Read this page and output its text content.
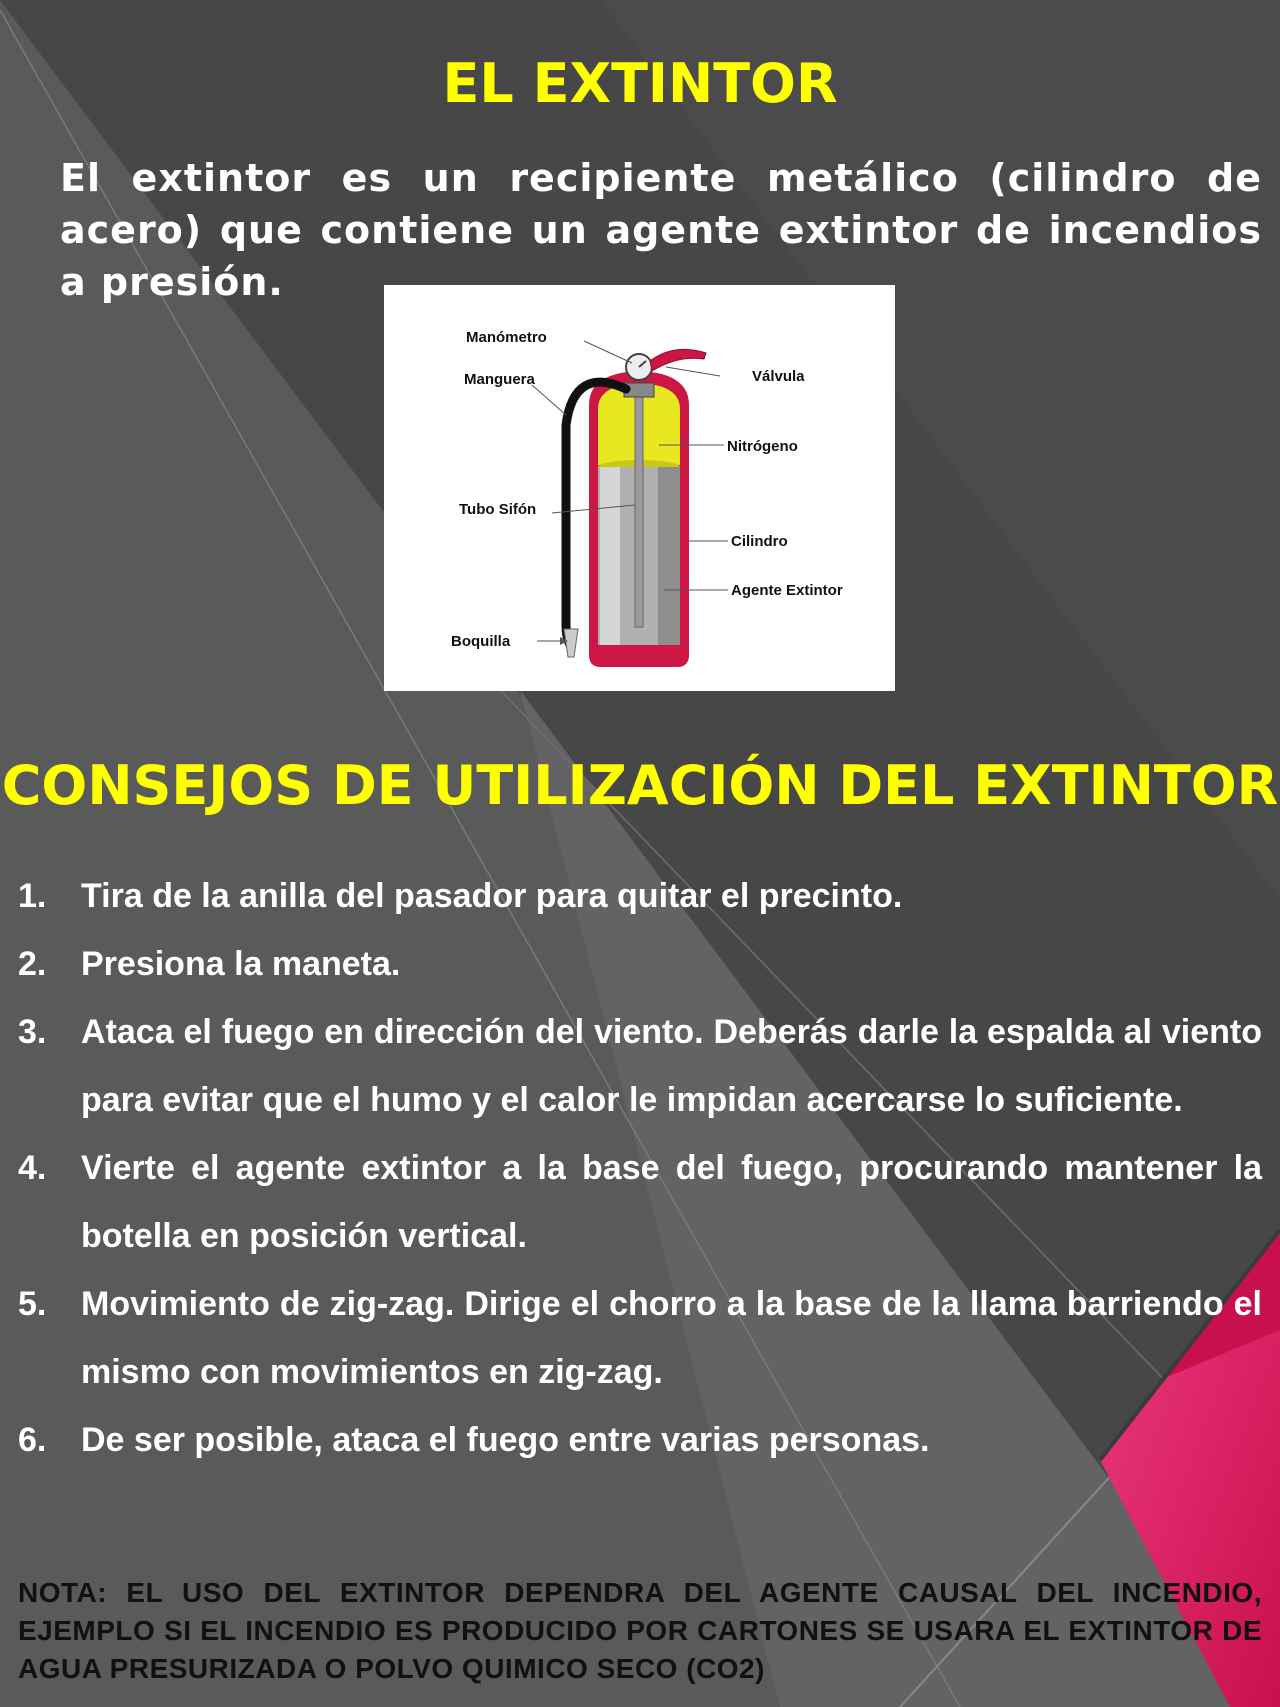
EL EXTINTOR

El extintor es un recipiente metálico (cilindro de acero) que contiene un agente extintor de incendios a presión.

Manómetro
Manguera	Válvula
Nitrógeno
Tubo Sifón
Cilindro
Agente Extintor
Boquilla
CONSEJOS DE UTILIZACIÓN DEL EXTINTOR
1.	Tira de la anilla del pasador para quitar el precinto.
2.	Presiona la maneta.
3.	Ataca el fuego en dirección del viento. Deberás darle la espalda al viento para evitar que el humo y el calor le impidan acercarse lo suficiente.
4.	Vierte el agente extintor a la base del fuego, procurando mantener la botella en posición vertical.
5.	Movimiento de zig-zag. Dirige el chorro a la base de la llama barriendo el mismo con movimientos en zig-zag.
6.	De ser posible, ataca el fuego entre varias personas.

NOTA: EL USO DEL EXTINTOR DEPENDRA DEL AGENTE CAUSAL DEL INCENDIO, EJEMPLO SI EL INCENDIO ES PRODUCIDO POR CARTONES SE USARA EL EXTINTOR DE AGUA PRESURIZADA O POLVO QUIMICO SECO (CO2)
